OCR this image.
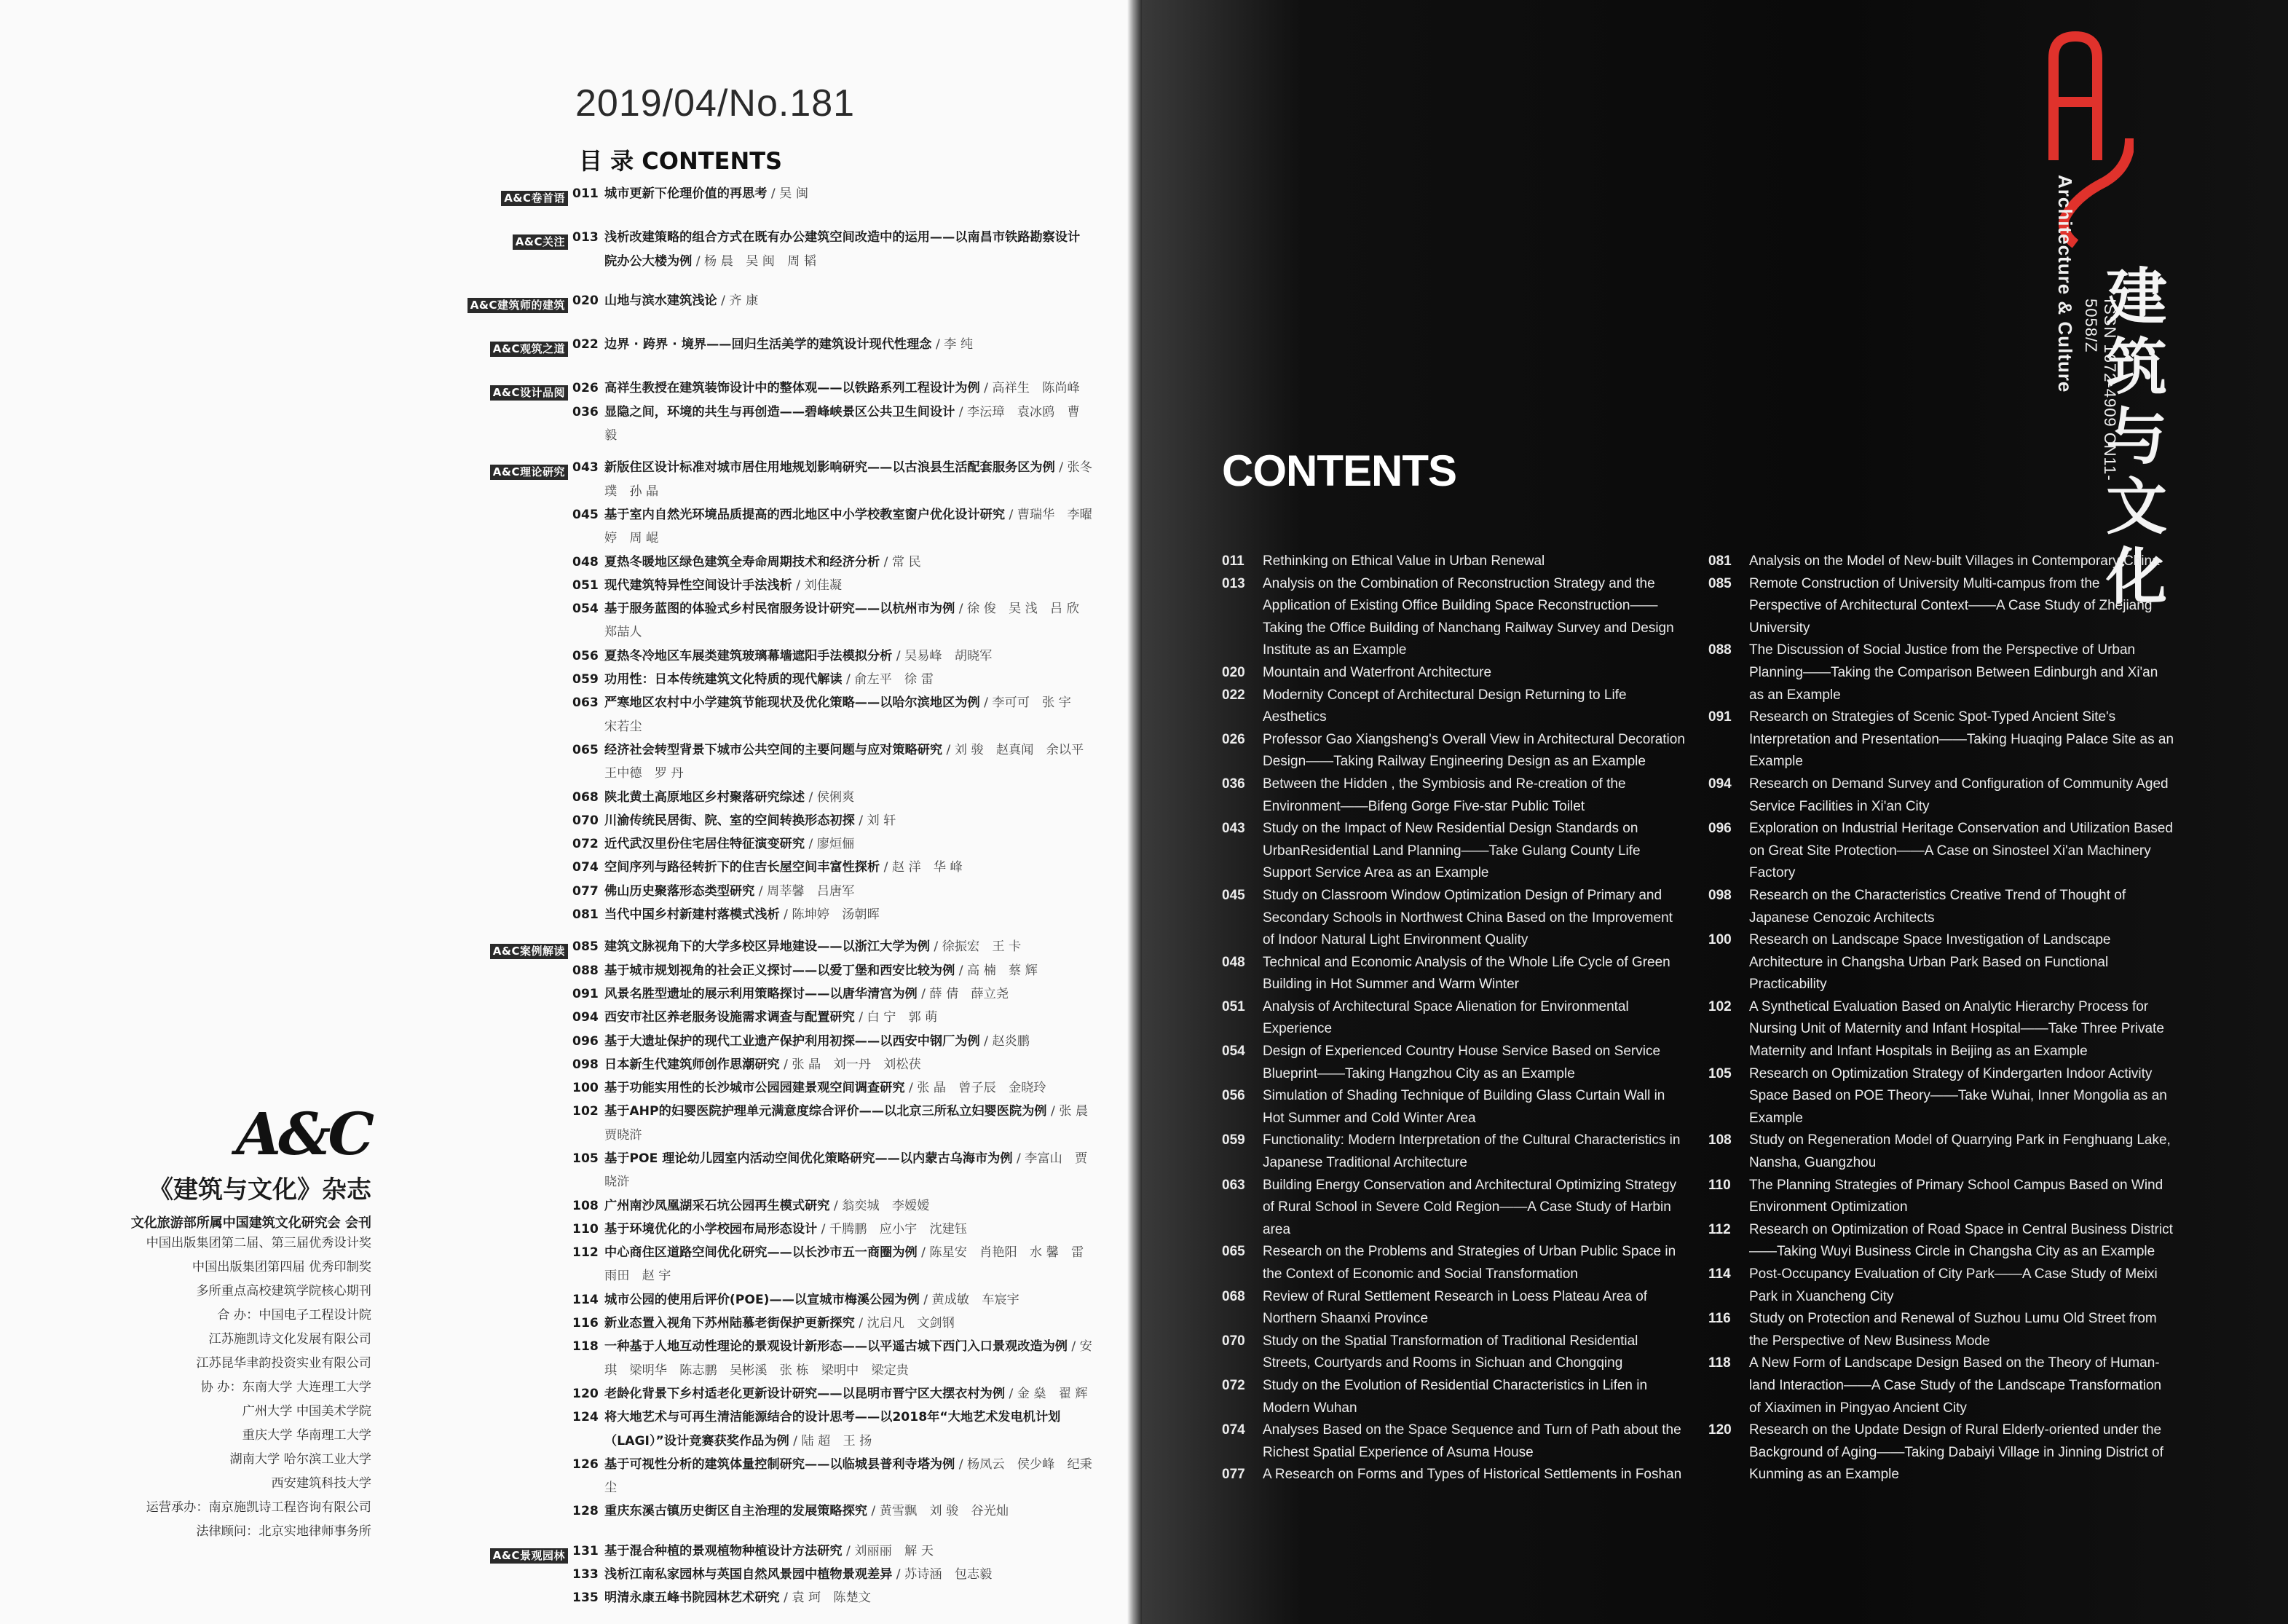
2019/04/No.181
目 录 CONTENTS
A&C卷首语 011 城市更新下伦理价值的再思考 / 吴 闽
A&C关注 013 浅析改建策略的组合方式在既有办公建筑空间改造中的运用——以南昌市铁路勘察设计院办公大楼为例 / 杨 晨　吴 闽　周 韬
A&C建筑师的建筑 020 山地与滨水建筑浅论 / 齐 康
A&C观筑之道 022 边界 · 跨界 · 境界——回归生活美学的建筑设计现代性理念 / 李 纯
A&C设计品阅 026 高祥生教授在建筑装饰设计中的整体观——以铁路系列工程设计为例 / 高祥生　陈尚峰
036 显隐之间，环境的共生与再创造——碧峰峡景区公共卫生间设计 / 李沄璋　袁冰鸥　曹 毅
A&C理论研究 043 新版住区设计标准对城市居住用地规划影响研究——以古浪县生活配套服务区为例 / 张冬璞　孙 晶
045 基于室内自然光环境品质提高的西北地区中小学校教室窗户优化设计研究 / 曹瑞华　李曜婷　周 崐
048 夏热冬暖地区绿色建筑全寿命周期技术和经济分析 / 常 民
051 现代建筑特异性空间设计手法浅析 / 刘佳凝
054 基于服务蓝图的体验式乡村民宿服务设计研究——以杭州市为例 / 徐 俊　吴 浅　吕 欣　郑喆人
056 夏热冬冷地区车展类建筑玻璃幕墙遮阳手法模拟分析 / 吴易峰　胡晓军
059 功用性：日本传统建筑文化特质的现代解读 / 俞左平　徐 雷
063 严寒地区农村中小学建筑节能现状及优化策略——以哈尔滨地区为例 / 李可可　张 宇　宋若尘
065 经济社会转型背景下城市公共空间的主要问题与应对策略研究 / 刘 骏　赵真闻　余以平　王中德　罗 丹
068 陕北黄土高原地区乡村聚落研究综述 / 侯俐爽
070 川渝传统民居街、院、室的空间转换形态初探 / 刘 轩
072 近代武汉里份住宅居住特征演变研究 / 廖烜俪
074 空间序列与路径转折下的住吉长屋空间丰富性探析 / 赵 洋　华 峰
077 佛山历史聚落形态类型研究 / 周莘馨　吕唐军
081 当代中国乡村新建村落模式浅析 / 陈坤婷　汤朝晖
A&C案例解读 085 建筑文脉视角下的大学多校区异地建设——以浙江大学为例 / 徐振宏　王 卡
088 基于城市规划视角的社会正义探讨——以爱丁堡和西安比较为例 / 高 楠　蔡 辉
091 风景名胜型遗址的展示利用策略探讨——以唐华清宫为例 / 薛 倩　薛立尧
094 西安市社区养老服务设施需求调查与配置研究 / 白 宁　郭 萌
096 基于大遗址保护的现代工业遗产保护利用初探——以西安中钢厂为例 / 赵炎鹏
098 日本新生代建筑师创作思潮研究 / 张 晶　刘一丹　刘松茯
100 基于功能实用性的长沙城市公园园建景观空间调查研究 / 张 晶　曾子辰　金晓玲
102 基于AHP的妇婴医院护理单元满意度综合评价——以北京三所私立妇婴医院为例 / 张 晨　贾晓浒
105 基于POE 理论幼儿园室内活动空间优化策略研究——以内蒙古乌海市为例 / 李富山　贾晓浒
108 广州南沙凤凰湖采石坑公园再生模式研究 / 翁奕城　李嫒嫒
110 基于环境优化的小学校园布局形态设计 / 千腾鹏　应小宇　沈建钰
112 中心商住区道路空间优化研究——以长沙市五一商圈为例 / 陈星安　肖艳阳　水 馨　雷雨田　赵 宇
114 城市公园的使用后评价(POE)——以宣城市梅溪公园为例 / 黄成敏　车宸宇
116 新业态置入视角下苏州陆慕老街保护更新探究 / 沈启凡　文剑钢
118 一种基于人地互动性理论的景观设计新形态——以平遥古城下西门入口景观改造为例 / 安 琪　梁明华　陈志鹏　吴彬溪　张 栋　梁明中　梁定贵
120 老龄化背景下乡村适老化更新设计研究——以昆明市晋宁区大摆衣村为例 / 金 燊　翟 辉
124 将大地艺术与可再生清洁能源结合的设计思考——以2018年“大地艺术发电机计划（LAGI）”设计竞赛获奖作品为例 / 陆 超　王 扬
126 基于可视性分析的建筑体量控制研究——以临城县普利寺塔为例 / 杨凤云　侯少峰　纪秉尘
128 重庆东溪古镇历史街区自主治理的发展策略探究 / 黄雪飘　刘 骏　谷光灿
A&C景观园林 131 基于混合种植的景观植物种植设计方法研究 / 刘丽丽　解 天
133 浅析江南私家园林与英国自然风景园中植物景观差异 / 苏诗涵　包志毅
135 明清永康五峰书院园林艺术研究 / 袁 珂　陈楚文
A&C
《建筑与文化》杂志
文化旅游部所属中国建筑文化研究会 会刊
中国出版集团第二届、第三届优秀设计奖
中国出版集团第四届 优秀印制奖
多所重点高校建筑学院核心期刊
合 办：中国电子工程设计院
江苏施凯诗文化发展有限公司
江苏昆华聿韵投资实业有限公司
协 办：东南大学 大连理工大学
广州大学 中国美术学院
重庆大学 华南理工大学
湖南大学 哈尔滨工业大学
西安建筑科技大学
运营承办：南京施凯诗工程咨询有限公司
法律顾问：北京实地律师事务所
Architecture & Culture	ISSN 1672-4909 CN11-5058/Z 建
筑
与
文
化
CONTENTS
011	Rethinking on Ethical Value in Urban Renewal
013	Analysis on the Combination of Reconstruction Strategy and the Application of Existing Office Building Space Reconstruction——Taking the Office Building of Nanchang Railway Survey and Design Institute as an Example
020	Mountain and Waterfront Architecture
022	Modernity Concept of Architectural Design Returning to Life Aesthetics
026	Professor Gao Xiangsheng's Overall View in Architectural Decoration Design——Taking Railway Engineering Design as an Example
036	Between the Hidden , the Symbiosis and Re-creation of the Environment——Bifeng Gorge Five-star Public Toilet
043	Study on the Impact of New Residential Design Standards on UrbanResidential Land Planning——Take Gulang County Life Support Service Area as an Example
045	Study on Classroom Window Optimization Design of Primary and Secondary Schools in Northwest China Based on the Improvement of Indoor Natural Light Environment Quality
048	Technical and Economic Analysis of the Whole Life Cycle of Green Building in Hot Summer and Warm Winter
051	Analysis of Architectural Space Alienation for Environmental Experience
054	Design of Experienced Country House Service Based on Service Blueprint——Taking Hangzhou City as an Example
056	Simulation of Shading Technique of Building Glass Curtain Wall in Hot Summer and Cold Winter Area
059	Functionality: Modern Interpretation of the Cultural Characteristics in Japanese Traditional Architecture
063	Building Energy Conservation and Architectural Optimizing Strategy of Rural School in Severe Cold Region——A Case Study of Harbin area
065	Research on the Problems and Strategies of Urban Public Space in the Context of Economic and Social Transformation
068	Review of Rural Settlement Research in Loess Plateau Area of Northern Shaanxi Province
070	Study on the Spatial Transformation of Traditional Residential Streets, Courtyards and Rooms in Sichuan and Chongqing
072	Study on the Evolution of Residential Characteristics in Lifen in Modern Wuhan
074	Analyses Based on the Space Sequence and Turn of Path about the Richest Spatial Experience of Asuma House
077	A Research on Forms and Types of Historical Settlements in Foshan
081	Analysis on the Model of New-built Villages in Contemporary China
085	Remote Construction of University Multi-campus from the Perspective of Architectural Context——A Case Study of Zhejiang University
088	The Discussion of Social Justice from the Perspective of Urban Planning——Taking the Comparison Between Edinburgh and Xi'an as an Example
091	Research on Strategies of Scenic Spot-Typed Ancient Site's Interpretation and Presentation——Taking Huaqing Palace Site as an Example
094	Research on Demand Survey and Configuration of Community Aged Service Facilities in Xi'an City
096	Exploration on Industrial Heritage Conservation and Utilization Based on Great Site Protection——A Case on Sinosteel Xi'an Machinery Factory
098	Research on the Characteristics Creative Trend of Thought of Japanese Cenozoic Architects
100	Research on Landscape Space Investigation of Landscape Architecture in Changsha Urban Park Based on Functional Practicability
102	A Synthetical Evaluation Based on Analytic Hierarchy Process for Nursing Unit of Maternity and Infant Hospital——Take Three Private Maternity and Infant Hospitals in Beijing as an Example
105	Research on Optimization Strategy of Kindergarten Indoor Activity Space Based on POE Theory——Take Wuhai, Inner Mongolia as an Example
108	Study on Regeneration Model of Quarrying Park in Fenghuang Lake, Nansha, Guangzhou
110	The Planning Strategies of Primary School Campus Based on Wind Environment Optimization
112	Research on Optimization of Road Space in Central Business District——Taking Wuyi Business Circle in Changsha City as an Example
114	Post-Occupancy Evaluation of City Park——A Case Study of Meixi Park in Xuancheng City
116	Study on Protection and Renewal of Suzhou Lumu Old Street from the Perspective of New Business Mode
118	A New Form of Landscape Design Based on the Theory of Human-land Interaction——A Case Study of the Landscape Transformation of Xiaximen in Pingyao Ancient City
120	Research on the Update Design of Rural Elderly-oriented under the Background of Aging——Taking Dabaiyi Village in Jinning District of Kunming as an Example
